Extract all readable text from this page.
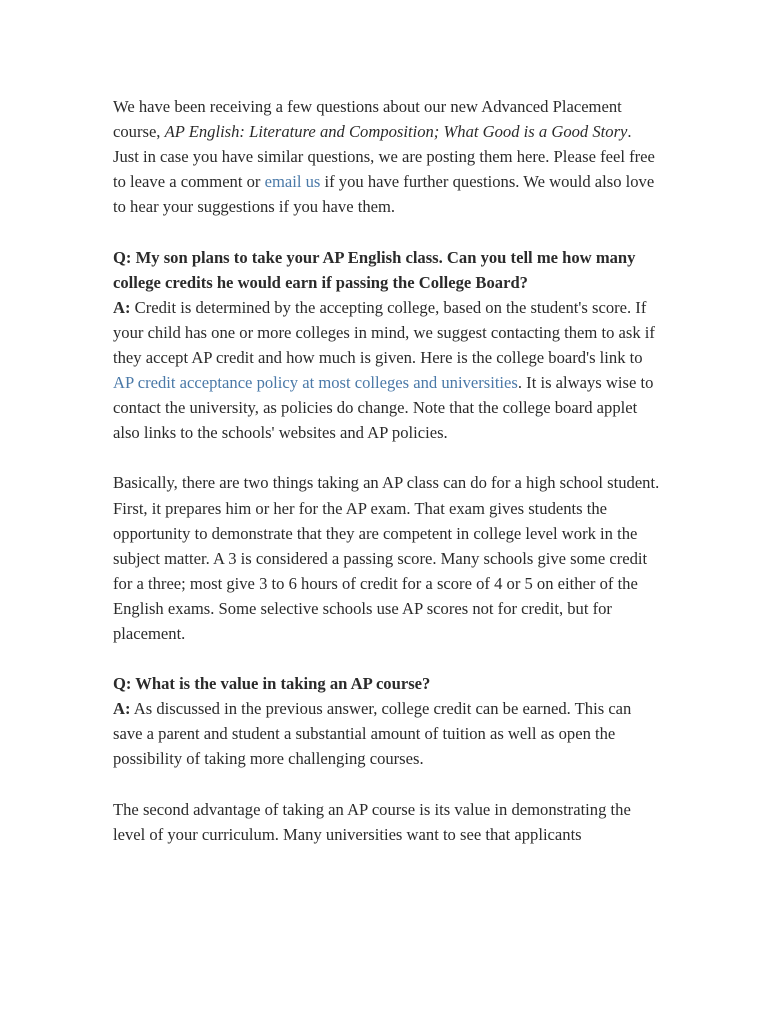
We have been receiving a few questions about our new Advanced Placement course, AP English: Literature and Composition; What Good is a Good Story. Just in case you have similar questions, we are posting them here. Please feel free to leave a comment or email us if you have further questions. We would also love to hear your suggestions if you have them.

Q: My son plans to take your AP English class. Can you tell me how many college credits he would earn if passing the College Board?

A: Credit is determined by the accepting college, based on the student's score. If your child has one or more colleges in mind, we suggest contacting them to ask if they accept AP credit and how much is given. Here is the college board's link to AP credit acceptance policy at most colleges and universities. It is always wise to contact the university, as policies do change. Note that the college board applet also links to the schools' websites and AP policies.

Basically, there are two things taking an AP class can do for a high school student. First, it prepares him or her for the AP exam. That exam gives students the opportunity to demonstrate that they are competent in college level work in the subject matter. A 3 is considered a passing score. Many schools give some credit for a three; most give 3 to 6 hours of credit for a score of 4 or 5 on either of the English exams. Some selective schools use AP scores not for credit, but for placement.

Q: What is the value in taking an AP course?

A: As discussed in the previous answer, college credit can be earned. This can save a parent and student a substantial amount of tuition as well as open the possibility of taking more challenging courses.

The second advantage of taking an AP course is its value in demonstrating the level of your curriculum. Many universities want to see that applicants
